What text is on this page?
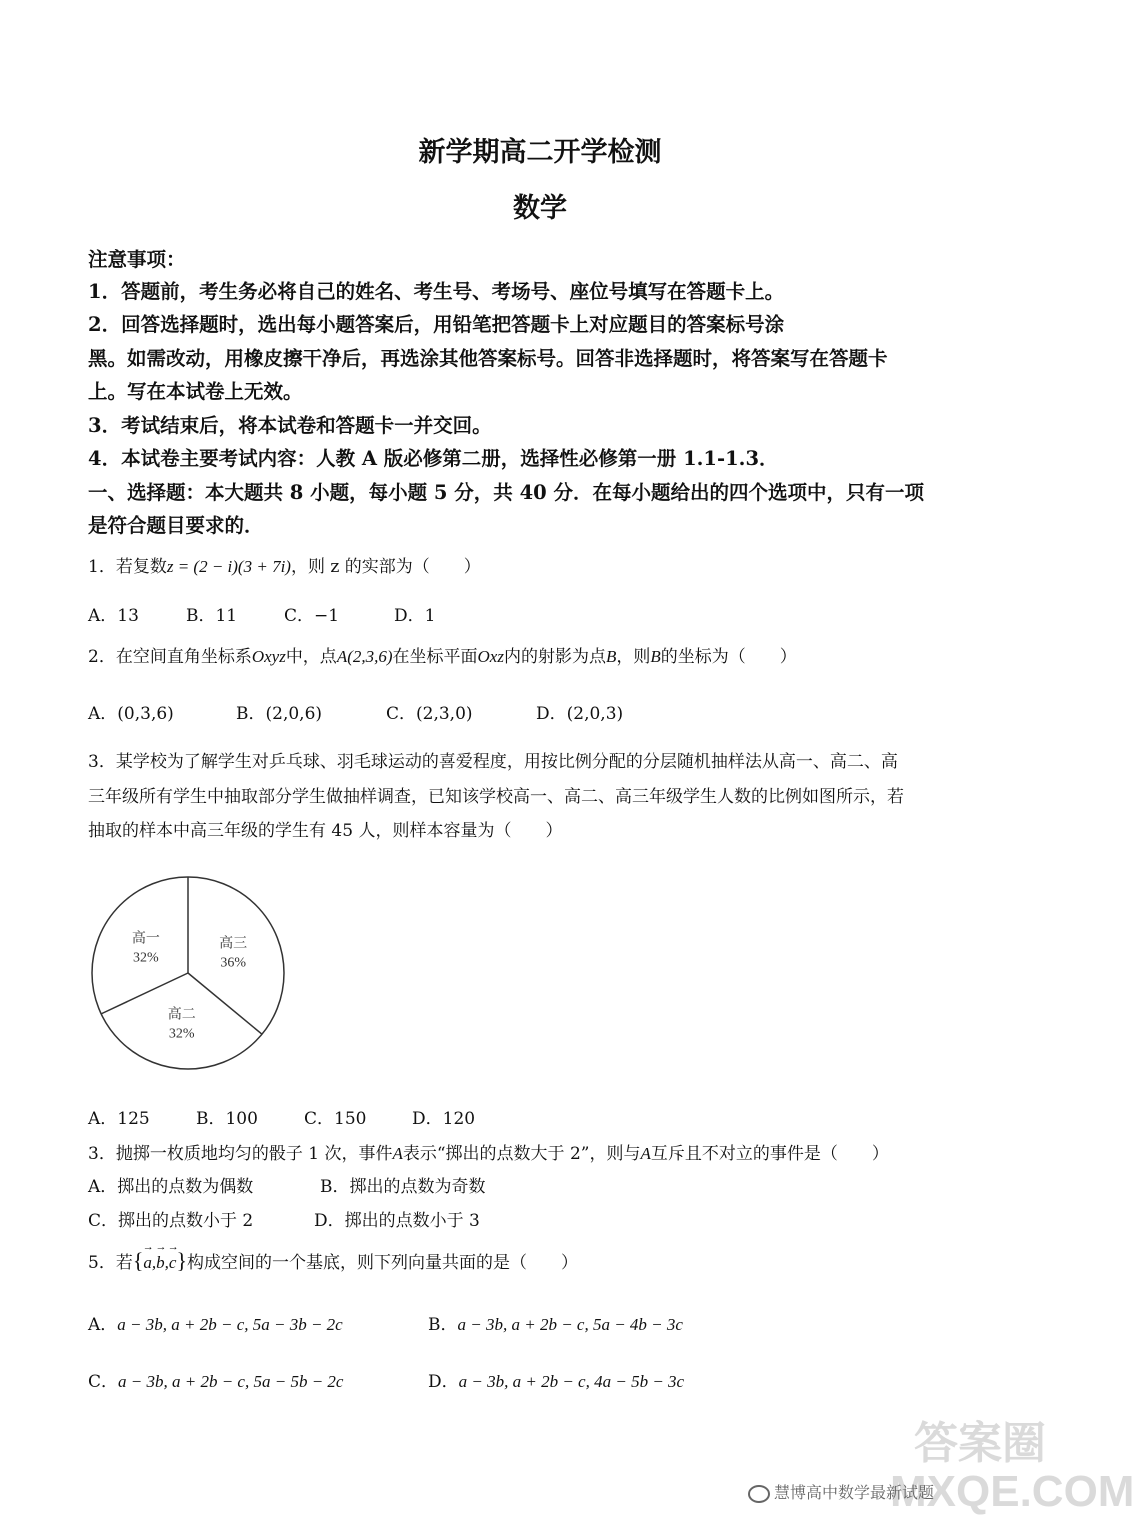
新学期高二开学检测
数学
注意事项：
1．答题前，考生务必将自己的姓名、考生号、考场号、座位号填写在答题卡上。
2．回答选择题时，选出每小题答案后，用铅笔把答题卡上对应题目的答案标号涂
黑。如需改动，用橡皮擦干净后，再选涂其他答案标号。回答非选择题时，将答案写在答题卡
上。写在本试卷上无效。
3．考试结束后，将本试卷和答题卡一并交回。
4．本试卷主要考试内容：人教 A 版必修第二册，选择性必修第一册 1.1-1.3．
一、选择题：本大题共 8 小题，每小题 5 分，共 40 分．在每小题给出的四个选项中，只有一项
是符合题目要求的．
1．若复数z = (2 − i)(3 + 7i)，则 z 的实部为（　　）
A．13	B．11	C．−1	D．1
2．在空间直角坐标系Oxyz中，点A(2,3,6)在坐标平面Oxz内的射影为点B，则B的坐标为（　　）
A．(0,3,6)	B．(2,0,6)	C．(2,3,0)	D．(2,0,3)
3．某学校为了解学生对乒乓球、羽毛球运动的喜爱程度，用按比例分配的分层随机抽样法从高一、高二、高
三年级所有学生中抽取部分学生做抽样调查，已知该学校高一、高二、高三年级学生人数的比例如图所示，若
抽取的样本中高三年级的学生有 45 人，则样本容量为（　　）
高三
36%
高二
32%
高一
32%
A．125	B．100	C．150	D．120
3．抛掷一枚质地均匀的骰子 1 次，事件A表示“掷出的点数大于 2”，则与A互斥且不对立的事件是（　　）
A．掷出的点数为偶数	B．掷出的点数为奇数
C．掷出的点数小于 2	D．掷出的点数小于 3
5．若{→ a,→ b,→ c}构成空间的一个基底，则下列向量共面的是（　　）
A．a − 3b, a + 2b − c, 5a − 3b − 2c	B．a − 3b, a + 2b − c, 5a − 4b − 3c
C．a − 3b, a + 2b − c, 5a − 5b − 2c	D．a − 3b, a + 2b − c, 4a − 5b − 3c
答案圈 MXQE.COM
慧博高中数学最新试题
